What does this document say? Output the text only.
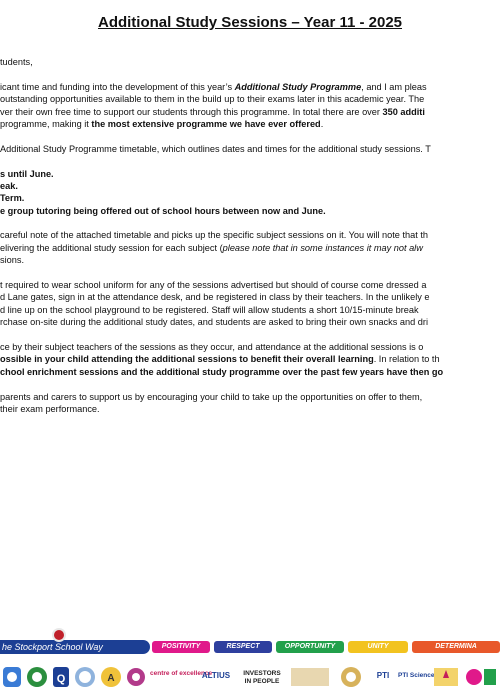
Additional Study Sessions – Year 11 - 2025
tudents,
icant time and funding into the development of this year’s Additional Study Programme, and I am pleas
outstanding opportunities available to them in the build up to their exams later in this academic year. The
ver their own free time to support our students through this programme. In total there are over 350 additi
programme, making it the most extensive programme we have ever offered.
Additional Study Programme timetable, which outlines dates and times for the additional study sessions. T
s until June.
eak.
Term.
e group tutoring being offered out of school hours between now and June.
careful note of the attached timetable and picks up the specific subject sessions on it. You will note that th
elivering the additional study session for each subject (please note that in some instances it may not alw
sions.
t required to wear school uniform for any of the sessions advertised but should of course come dressed a
d Lane gates, sign in at the attendance desk, and be registered in class by their teachers. In the unlikely e
d line up on the school playground to be registered. Staff will allow students a short 10/15-minute break
rchase on-site during the additional study dates, and students are asked to bring their own snacks and dri
ce by their subject teachers of the sessions as they occur, and attendance at the additional sessions is o
ossible in your child attending the additional sessions to benefit their overall learning. In relation to th
chool enrichment sessions and the additional study programme over the past few years have then go
parents and carers to support us by encouraging your child to take up the opportunities on offer to them,
their exam performance.
he Stockport School Way	POSITIVITY	RESPECT	OPPORTUNITY	UNITY	DETERMINA
Q	A	centre of excellence
ALTIUS	INVESTORS IN PEOPLE
PTI	PTI Science
